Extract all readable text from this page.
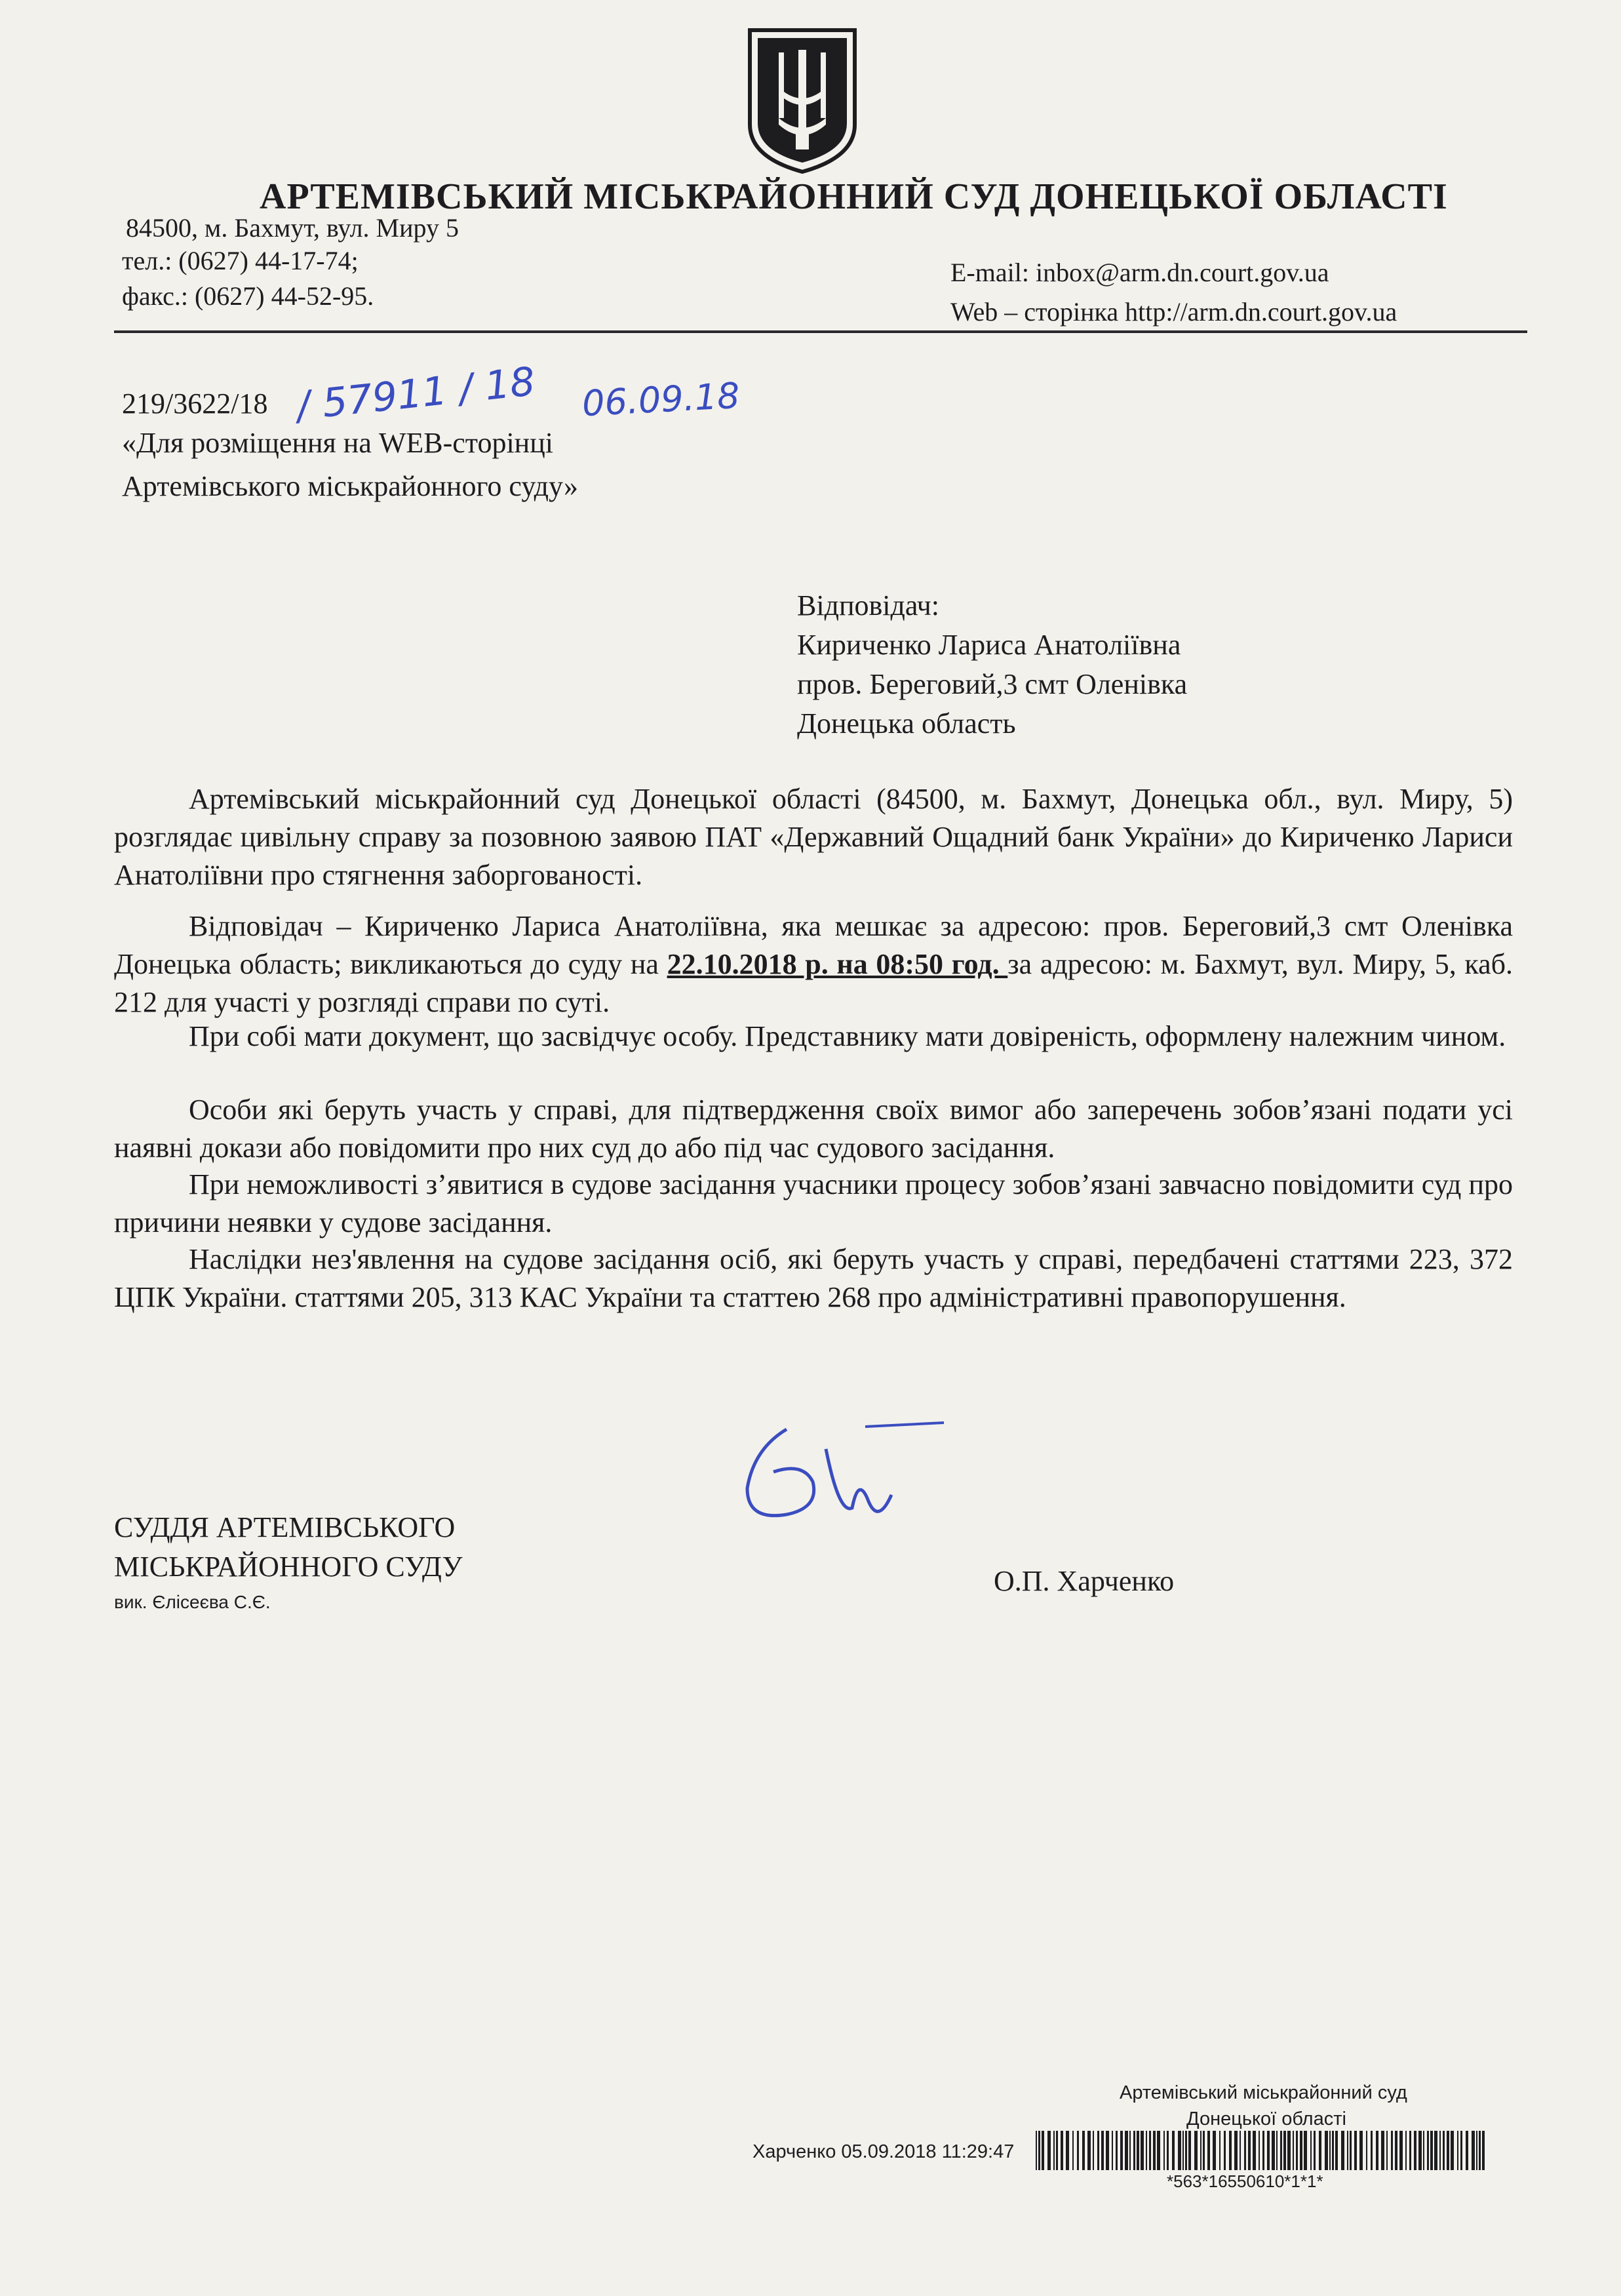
АРТЕМІВСЬКИЙ МІСЬКРАЙОННИЙ СУД ДОНЕЦЬКОЇ ОБЛАСТІ
84500, м. Бахмут, вул. Миру 5
тел.: (0627) 44-17-74;
факс.: (0627) 44-52-95.
E-mail: inbox@arm.dn.court.gov.ua
Web – сторінка http://arm.dn.court.gov.ua
219/3622/18 / 57911 / 18 06.09.18
«Для розміщення на WEB-сторінці
Артемівського міськрайонного суду»
Відповідач:
Кириченко Лариса Анатоліївна
пров. Береговий,3 смт Оленівка
Донецька область

Артемівський міськрайонний суд Донецької області (84500, м. Бахмут, Донецька обл., вул. Миру, 5) розглядає цивільну справу за позовною заявою ПАТ «Державний Ощадний банк України» до Кириченко Лариси Анатоліївни про стягнення заборгованості.

Відповідач – Кириченко Лариса Анатоліївна, яка мешкає за адресою: пров. Береговий,3 смт Оленівка Донецька область; викликаються до суду на 22.10.2018 р. на 08:50 год. за адресою: м. Бахмут, вул. Миру, 5, каб. 212 для участі у розгляді справи по суті.

При собі мати документ, що засвідчує особу. Представнику мати довіреність, оформлену належним чином.

Особи які беруть участь у справі, для підтвердження своїх вимог або заперечень зобов’язані подати усі наявні докази або повідомити про них суд до або під час судового засідання.

При неможливості з’явитися в судове засідання учасники процесу зобов’язані завчасно повідомити суд про причини неявки у судове засідання.

Наслідки нез'явлення на судове засідання осіб, які беруть участь у справі, передбачені статтями 223, 372 ЦПК України. статтями 205, 313 КАС України та статтею 268 про адміністративні правопорушення.

СУДДЯ АРТЕМІВСЬКОГО
МІСЬКРАЙОННОГО СУДУ
вик. Єлісеєва С.Є.
О.П. Харченко
Артемівський міськрайонний суд
Донецької області
Харченко 05.09.2018 11:29:47
*563*16550610*1*1*
